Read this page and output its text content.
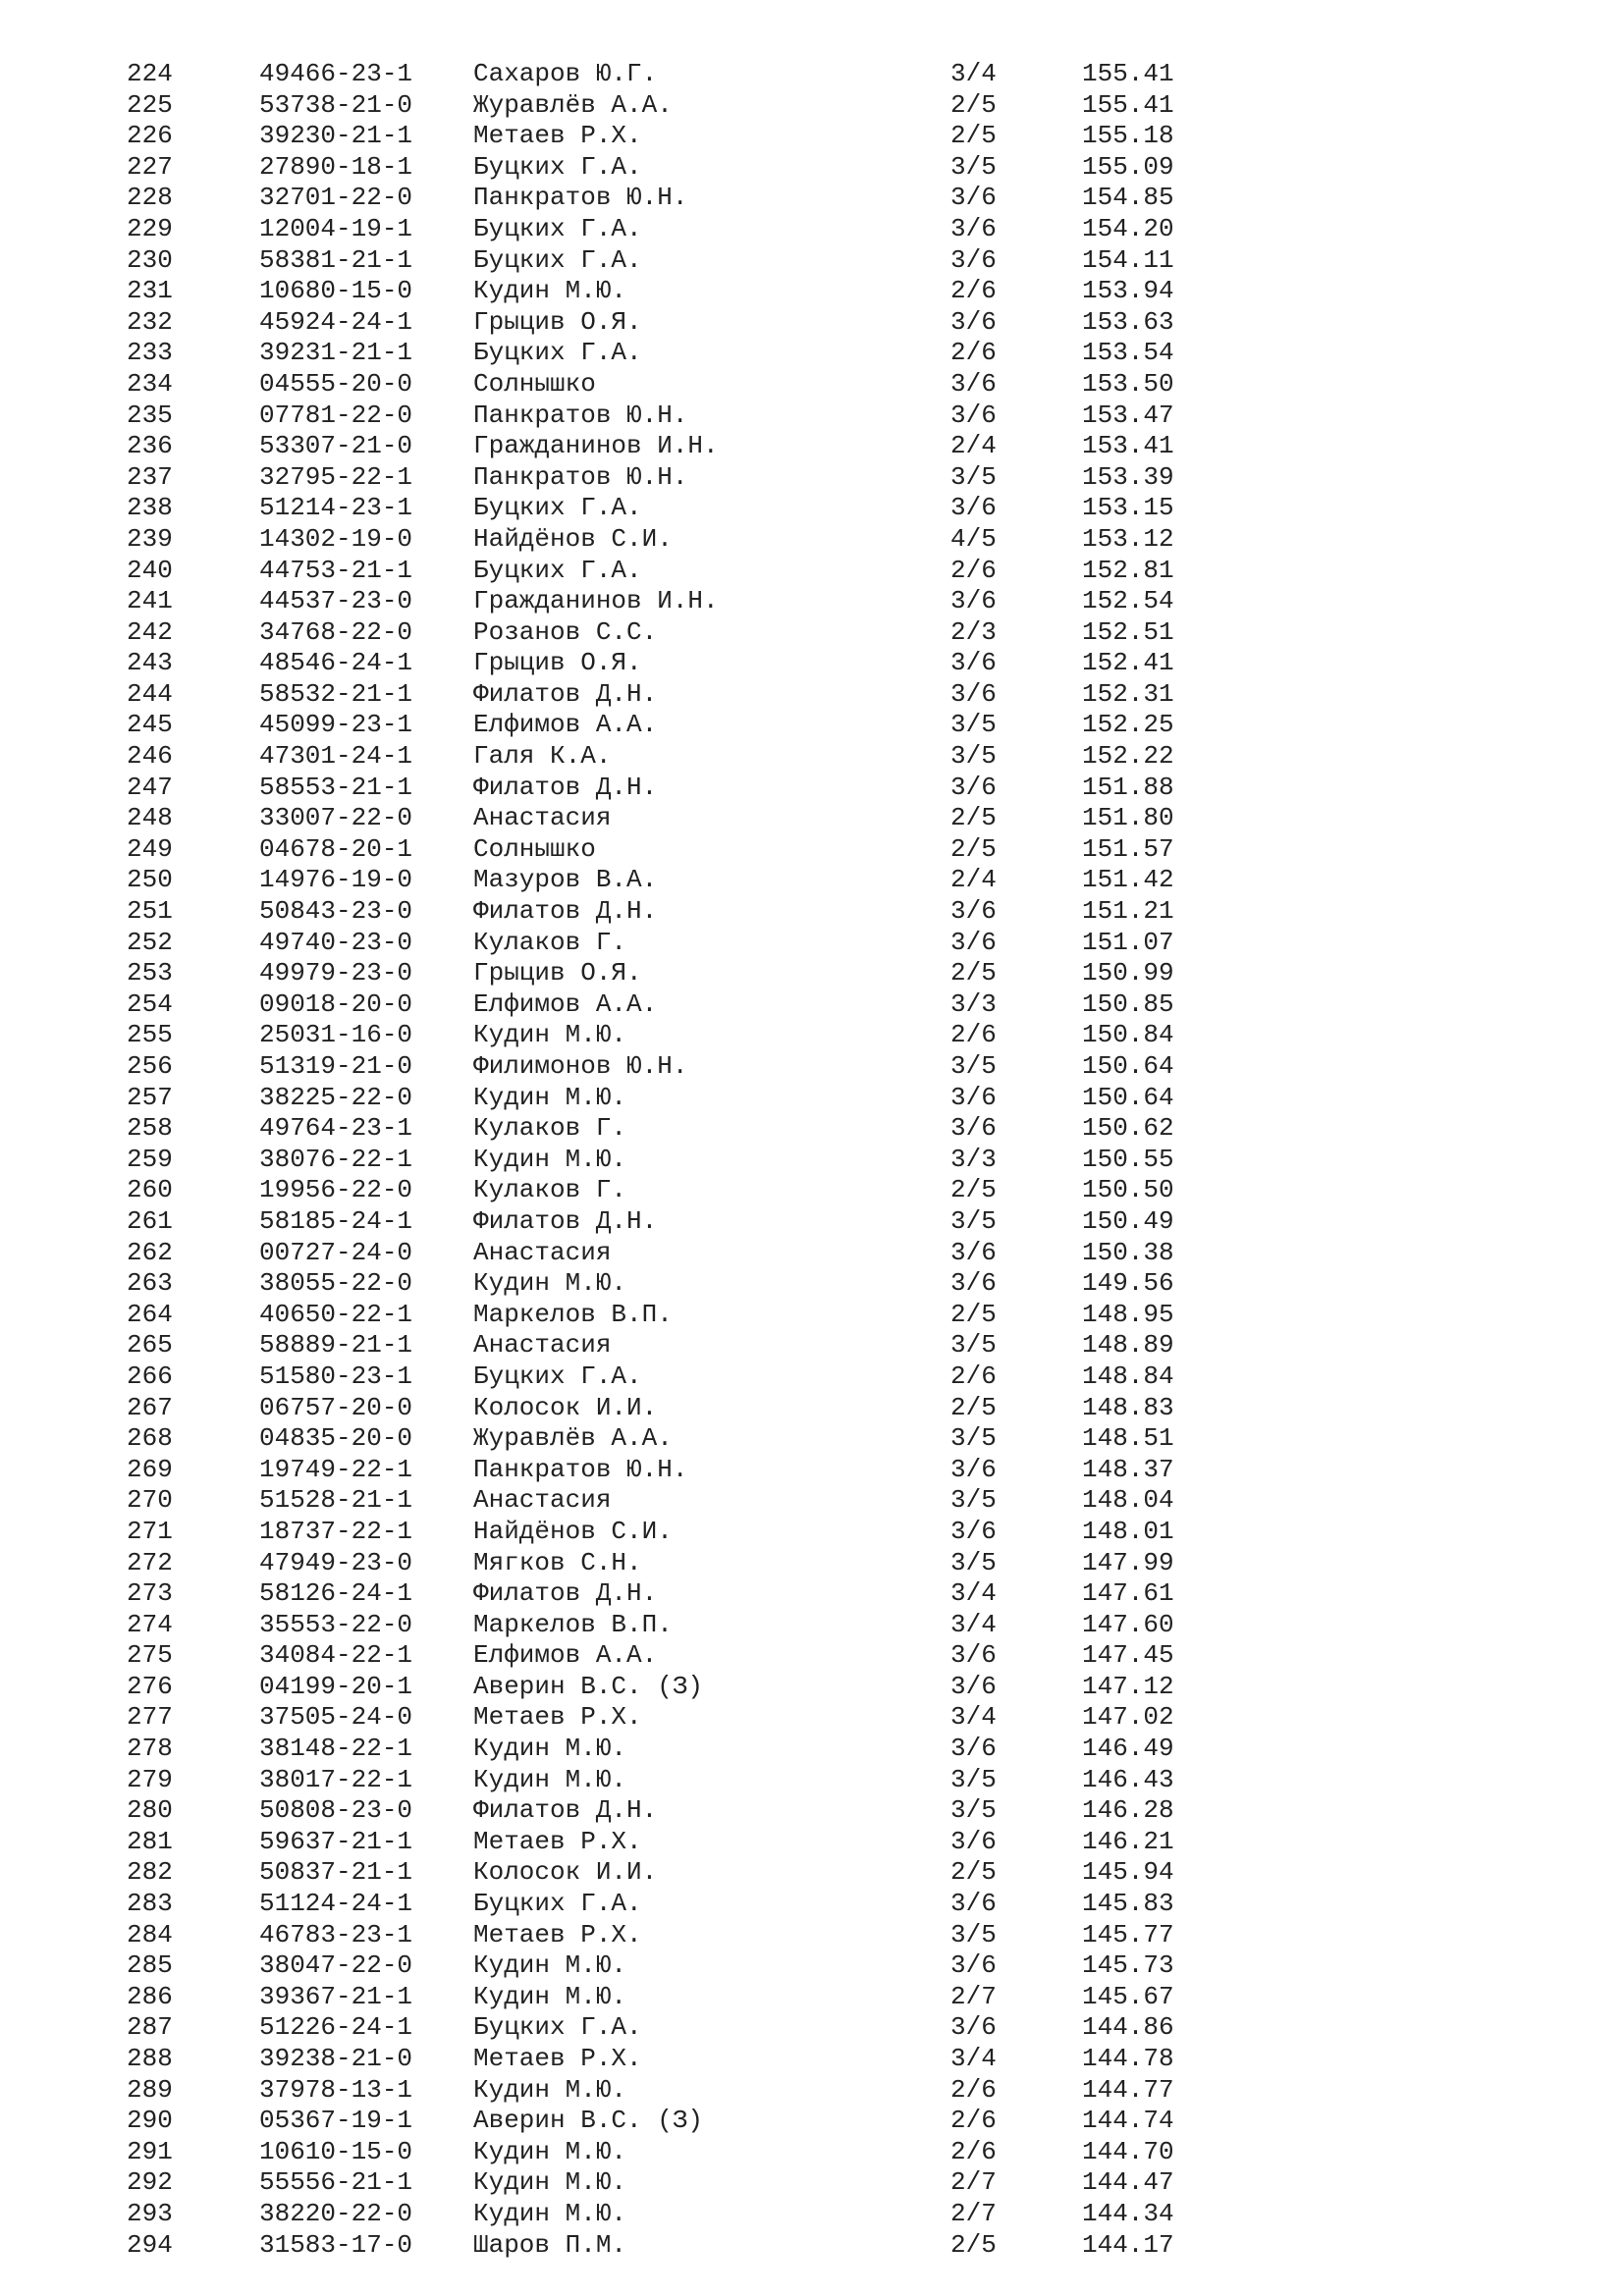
224	49466-23-1 Сахаров Ю.Г.	3/4	155.41
225	53738-21-0 Журавлёв А.А.	2/5	155.41
226	39230-21-1 Метаев Р.Х.	2/5	155.18
227	27890-18-1 Буцких Г.А.	3/5	155.09
228	32701-22-0 Панкратов Ю.Н.	3/6	154.85
229	12004-19-1 Буцких Г.А.	3/6	154.20
230	58381-21-1 Буцких Г.А.	3/6	154.11
231	10680-15-0 Кудин М.Ю.	2/6	153.94
232	45924-24-1 Грыцив О.Я.	3/6	153.63
233	39231-21-1 Буцких Г.А.	2/6	153.54
234	04555-20-0 Солнышко	3/6	153.50
235	07781-22-0 Панкратов Ю.Н.	3/6	153.47
236	53307-21-0 Гражданинов И.Н.	2/4	153.41
237	32795-22-1 Панкратов Ю.Н.	3/5	153.39
238	51214-23-1 Буцких Г.А.	3/6	153.15
239	14302-19-0 Найдёнов С.И.	4/5	153.12
240	44753-21-1 Буцких Г.А.	2/6	152.81
241	44537-23-0 Гражданинов И.Н.	3/6	152.54
242	34768-22-0 Розанов С.С.	2/3	152.51
243	48546-24-1 Грыцив О.Я.	3/6	152.41
244	58532-21-1 Филатов Д.Н.	3/6	152.31
245	45099-23-1 Елфимов А.А.	3/5	152.25
246	47301-24-1 Галя К.А.	3/5	152.22
247	58553-21-1 Филатов Д.Н.	3/6	151.88
248	33007-22-0 Анастасия	2/5	151.80
249	04678-20-1 Солнышко	2/5	151.57
250	14976-19-0 Мазуров В.А.	2/4	151.42
251	50843-23-0 Филатов Д.Н.	3/6	151.21
252	49740-23-0 Кулаков Г.	3/6	151.07
253	49979-23-0 Грыцив О.Я.	2/5	150.99
254	09018-20-0 Елфимов А.А.	3/3	150.85
255	25031-16-0 Кудин М.Ю.	2/6	150.84
256	51319-21-0 Филимонов Ю.Н.	3/5	150.64
257	38225-22-0 Кудин М.Ю.	3/6	150.64
258	49764-23-1 Кулаков Г.	3/6	150.62
259	38076-22-1 Кудин М.Ю.	3/3	150.55
260	19956-22-0 Кулаков Г.	2/5	150.50
261	58185-24-1 Филатов Д.Н.	3/5	150.49
262	00727-24-0 Анастасия	3/6	150.38
263	38055-22-0 Кудин М.Ю.	3/6	149.56
264	40650-22-1 Маркелов В.П.	2/5	148.95
265	58889-21-1 Анастасия	3/5	148.89
266	51580-23-1 Буцких Г.А.	2/6	148.84
267	06757-20-0 Колосок И.И.	2/5	148.83
268	04835-20-0 Журавлёв А.А.	3/5	148.51
269	19749-22-1 Панкратов Ю.Н.	3/6	148.37
270	51528-21-1 Анастасия	3/5	148.04
271	18737-22-1 Найдёнов С.И.	3/6	148.01
272	47949-23-0 Мягков С.Н.	3/5	147.99
273	58126-24-1 Филатов Д.Н.	3/4	147.61
274	35553-22-0 Маркелов В.П.	3/4	147.60
275	34084-22-1 Елфимов А.А.	3/6	147.45
276	04199-20-1 Аверин В.С. (З)	3/6	147.12
277	37505-24-0 Метаев Р.Х.	3/4	147.02
278	38148-22-1 Кудин М.Ю.	3/6	146.49
279	38017-22-1 Кудин М.Ю.	3/5	146.43
280	50808-23-0 Филатов Д.Н.	3/5	146.28
281	59637-21-1 Метаев Р.Х.	3/6	146.21
282	50837-21-1 Колосок И.И.	2/5	145.94
283	51124-24-1 Буцких Г.А.	3/6	145.83
284	46783-23-1 Метаев Р.Х.	3/5	145.77
285	38047-22-0 Кудин М.Ю.	3/6	145.73
286	39367-21-1 Кудин М.Ю.	2/7	145.67
287	51226-24-1 Буцких Г.А.	3/6	144.86
288	39238-21-0 Метаев Р.Х.	3/4	144.78
289	37978-13-1 Кудин М.Ю.	2/6	144.77
290	05367-19-1 Аверин В.С. (З)	2/6	144.74
291	10610-15-0 Кудин М.Ю.	2/6	144.70
292	55556-21-1 Кудин М.Ю.	2/7	144.47
293	38220-22-0 Кудин М.Ю.	2/7	144.34
294	31583-17-0 Шаров П.М.	2/5	144.17
